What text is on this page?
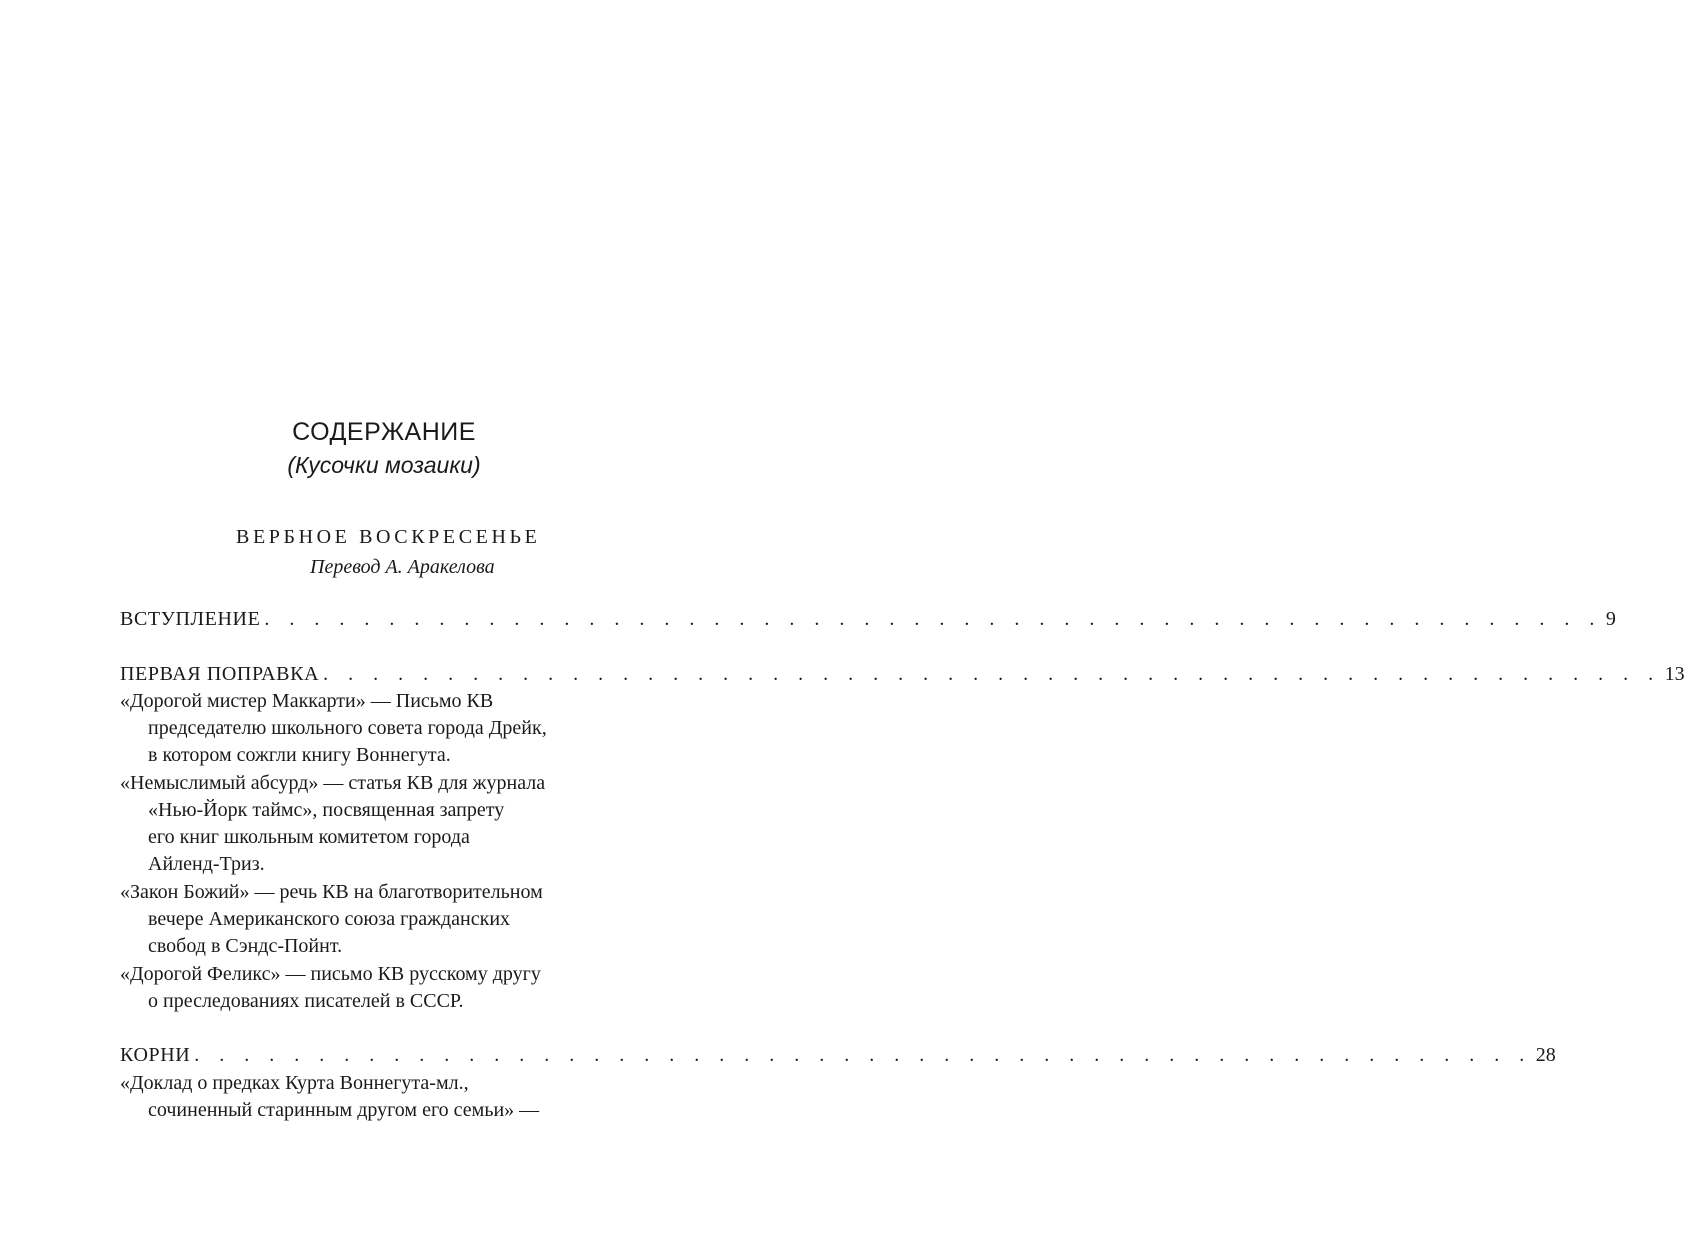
СОДЕРЖАНИЕ
(Кусочки мозаики)
ВЕРБНОЕ ВОСКРЕСЕНЬЕ
Перевод А. Аракелова
ВСТУПЛЕНИЕ . . . . . . . . . . . . . . . . . . . . . . . . . . . . . . . . . . . . . . . . . . . . . . . . . . . . . . 9
ПЕРВАЯ ПОПРАВКА . . . . . . . . . . . . . . . . . . . . . . . . . . . . . . . . . . . . . . . . . . . . . . . . . . . . . . 13
«Дорогой мистер Маккарти» — Письмо КВ
председателю школьного совета города Дрейк,
в котором сожгли книгу Воннегута.
«Немыслимый абсурд» — статья КВ для журнала
«Нью-Йорк таймс», посвященная запрету
его книг школьным комитетом города
Айленд-Триз.
«Закон Божий» — речь КВ на благотворительном
вечере Американского союза гражданских
свобод в Сэндс-Пойнт.
«Дорогой Феликс» — письмо КВ русскому другу
о преследованиях писателей в СССР.
КОРНИ . . . . . . . . . . . . . . . . . . . . . . . . . . . . . . . . . . . . . . . . . . . . . . . . . . . . . . 28
«Доклад о предках Курта Воннегута-мл.,
сочиненный старинным другом его семьи» —
